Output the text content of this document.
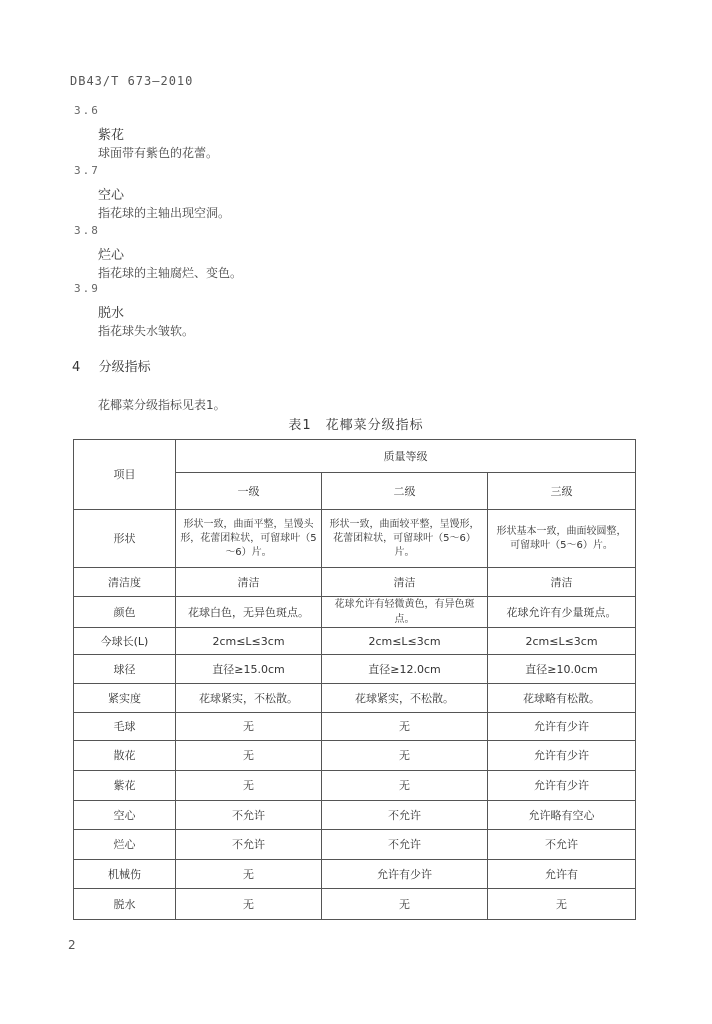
DB43/T 673—2010
3.6
紫花
球面带有紫色的花蕾。
3.7
空心
指花球的主轴出现空洞。
3.8
烂心
指花球的主轴腐烂、变色。
3.9
脱水
指花球失水皱软。
4 分级指标
花椰菜分级指标见表1。
表1　花椰菜分级指标
项目	质量等级		
	一级	二级	三级
形状	形状一致，曲面平整，呈馒头形，花蕾团粒状，可留球叶（5～6）片。	形状一致，曲面较平整，呈馒形，花蕾团粒状，可留球叶（5～6）片。	形状基本一致，曲面较圆整，可留球叶（5～6）片。
清洁度	清洁	清洁	清洁
颜色	花球白色，无异色斑点。	花球允许有轻微黄色，有异色斑点。	花球允许有少量斑点。
今球长(L)	2cm≤L≤3cm	2cm≤L≤3cm	2cm≤L≤3cm
球径	直径≥15.0cm	直径≥12.0cm	直径≥10.0cm
紧实度	花球紧实，不松散。	花球紧实，不松散。	花球略有松散。
毛球	无	无	允许有少许
散花	无	无	允许有少许
紫花	无	无	允许有少许
空心	不允许	不允许	允许略有空心
烂心	不允许	不允许	不允许
机械伤	无	允许有少许	允许有
脱水	无	无	无
2
